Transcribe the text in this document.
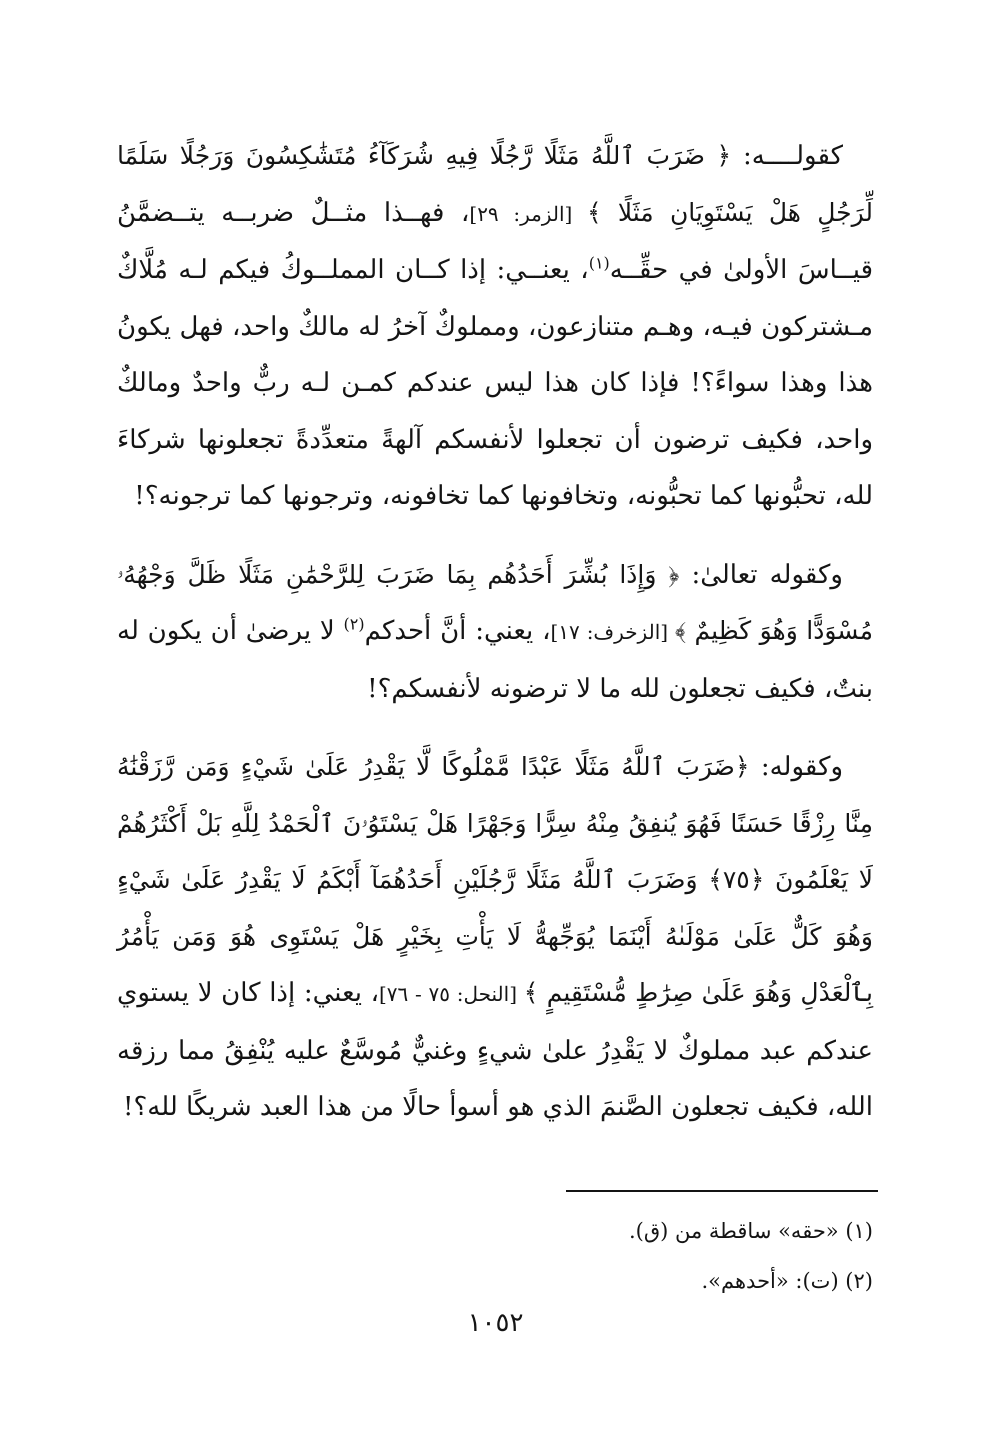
كقولــــه: ﴿ ضَرَبَ ٱللَّهُ مَثَلًا رَّجُلًا فِيهِ شُرَكَآءُ مُتَشَٰكِسُونَ وَرَجُلًا سَلَمًا لِّرَجُلٍ هَلْ يَسْتَوِيَانِ مَثَلًا ﴾ [الزمر: ٢٩]، فهــذا مثــلٌ ضربــه يتــضمَّنُ قيــاسَ الأولىٰ في حقِّــه$^{(١)}$، يعنــي: إذا كــان المملــوكُ فيكم لـه مُلَّاكٌ مـشتركون فيـه، وهـم متنازعون، ومملوكٌ آخرُ له مالكٌ واحد، فهل يكونُ هذا وهذا سواءً؟! فإذا كان هذا ليس عندكم كمـن لـه ربٌّ واحدٌ ومالكٌ واحد، فكيف ترضون أن تجعلوا لأنفسكم آلهةً متعدِّدةً تجعلونها شركاءَ لله، تحبُّونها كما تحبُّونه، وتخافونها كما تخافونه، وترجونها كما ترجونه؟!

وكقوله تعالىٰ: ﴿ وَإِذَا بُشِّرَ أَحَدُهُم بِمَا ضَرَبَ لِلرَّحْمَٰنِ مَثَلًا ظَلَّ وَجْهُهُۥ مُسْوَدًّا وَهُوَ كَظِيمٌ ﴾ [الزخرف: ١٧]، يعني: أنَّ أحدكم$^{(٢)}$ لا يرضىٰ أن يكون له بنتٌ، فكيف تجعلون لله ما لا ترضونه لأنفسكم؟!

وكقوله: ﴿ضَرَبَ ٱللَّهُ مَثَلًا عَبْدًا مَّمْلُوكًا لَّا يَقْدِرُ عَلَىٰ شَيْءٍ وَمَن رَّزَقْنَٰهُ مِنَّا رِزْقًا حَسَنًا فَهُوَ يُنفِقُ مِنْهُ سِرًّا وَجَهْرًا هَلْ يَسْتَوُۥنَ ٱلْحَمْدُ لِلَّهِ بَلْ أَكْثَرُهُمْ لَا يَعْلَمُونَ ﴿٧٥﴾ وَضَرَبَ ٱللَّهُ مَثَلًا رَّجُلَيْنِ أَحَدُهُمَآ أَبْكَمُ لَا يَقْدِرُ عَلَىٰ شَيْءٍ وَهُوَ كَلٌّ عَلَىٰ مَوْلَىٰهُ أَيْنَمَا يُوَجِّههُّ لَا يَأْتِ بِخَيْرٍ هَلْ يَسْتَوِى هُوَ وَمَن يَأْمُرُ بِٱلْعَدْلِ وَهُوَ عَلَىٰ صِرَٰطٍ مُّسْتَقِيمٍ ﴾ [النحل: ٧٥ - ٧٦]، يعني: إذا كان لا يستوي عندكم عبد مملوكٌ لا يَقْدِرُ علىٰ شيءٍ وغنيٌّ مُوسَّعٌ عليه يُنْفِقُ مما رزقه الله، فكيف تجعلون الصَّنمَ الذي هو أسوأ حالًا من هذا العبد شريكًا لله؟!

(١) «حقه» ساقطة من (ق).

(٢) (ت): «أحدهم».

١٠٥٢
